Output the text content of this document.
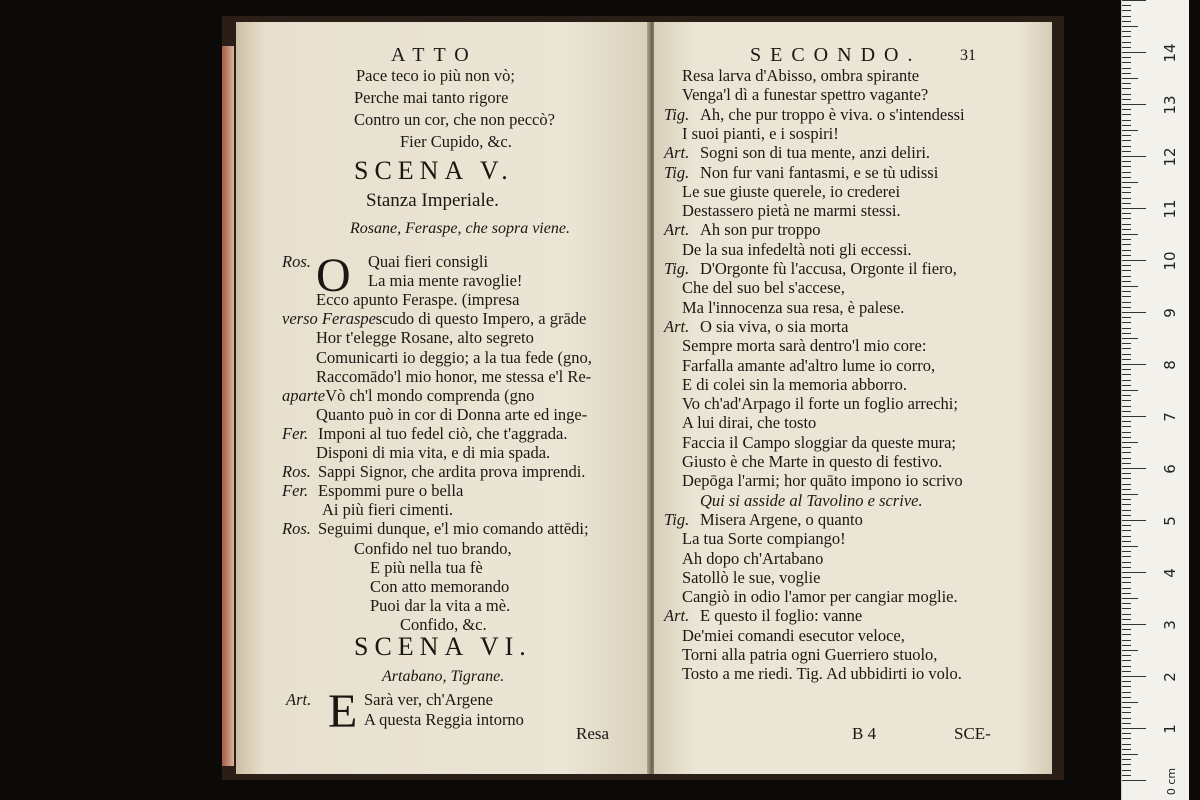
ATTO
Pace teco io più non vò;
Perche mai tanto rigore
Contro un cor, che non peccò?
Fier Cupido, &c.
SCENA V.
Stanza Imperiale.
Rosane, Feraspe, che sopra viene.
O
Ros.	Quai fieri consigli
La mia mente ravoglie!
Ecco apunto Feraspe. (impresa
verso Feraspe scudo di questo Impero, a grāde
Hor t'elegge Rosane, alto segreto
Comunicarti io deggio; a la tua fede (gno,
Raccomādo'l mio honor, me stessa e'l Re-
aparte Vò ch'l mondo comprenda (gno
Quanto può in cor di Donna arte ed inge-
Fer. Imponi al tuo fedel ciò, che t'aggrada.
Disponi di mia vita, e di mia spada.
Ros. Sappi Signor, che ardita prova imprendi.
Fer. Espommi pure o bella
Ai più fieri cimenti.
Ros. Seguimi dunque, e'l mio comando attēdi;
Confido nel tuo brando,
E più nella tua fè
Con atto memorando
Puoi dar la vita a mè.
Confido, &c.
SCENA VI.
Artabano, Tigrane.
E
Art.	Sarà ver, ch'Argene
A questa Reggia intorno
Resa
SECONDO. 31
Resa larva d'Abisso, ombra spirante
Venga'l dì a funestar spettro vagante?
Tig. Ah, che pur troppo è viva. o s'intendessi
I suoi pianti, e i sospiri!
Art. Sogni son di tua mente, anzi deliri.
Tig. Non fur vani fantasmi, e se tù udissi
Le sue giuste querele, io crederei
Destassero pietà ne marmi stessi.
Art. Ah son pur troppo
De la sua infedeltà noti gli eccessi.
Tig. D'Orgonte fù l'accusa, Orgonte il fiero,
Che del suo bel s'accese,
Ma l'innocenza sua resa, è palese.
Art. O sia viva, o sia morta
Sempre morta sarà dentro'l mio core:
Farfalla amante ad'altro lume io corro,
E di colei sin la memoria abborro.
Vo ch'ad'Arpago il forte un foglio arrechi;
A lui dirai, che tosto
Faccia il Campo sloggiar da queste mura;
Giusto è che Marte in questo di festivo.
Depōga l'armi; hor quāto impono io scrivo
Qui si asside al Tavolino e scrive.
Tig. Misera Argene, o quanto
La tua Sorte compiango!
Ah dopo ch'Artabano
Satollò le sue, voglie
Cangiò in odio l'amor per cangiar moglie.
Art. E questo il foglio: vanne
De'miei comandi esecutor veloce,
Torni alla patria ogni Guerriero stuolo,
Tosto a me riedi. Tig. Ad ubbidirti io volo.
B 4	SCE-
14
13
12
11
10
9
8
7
6
5
4
3
2
1
0 cm
